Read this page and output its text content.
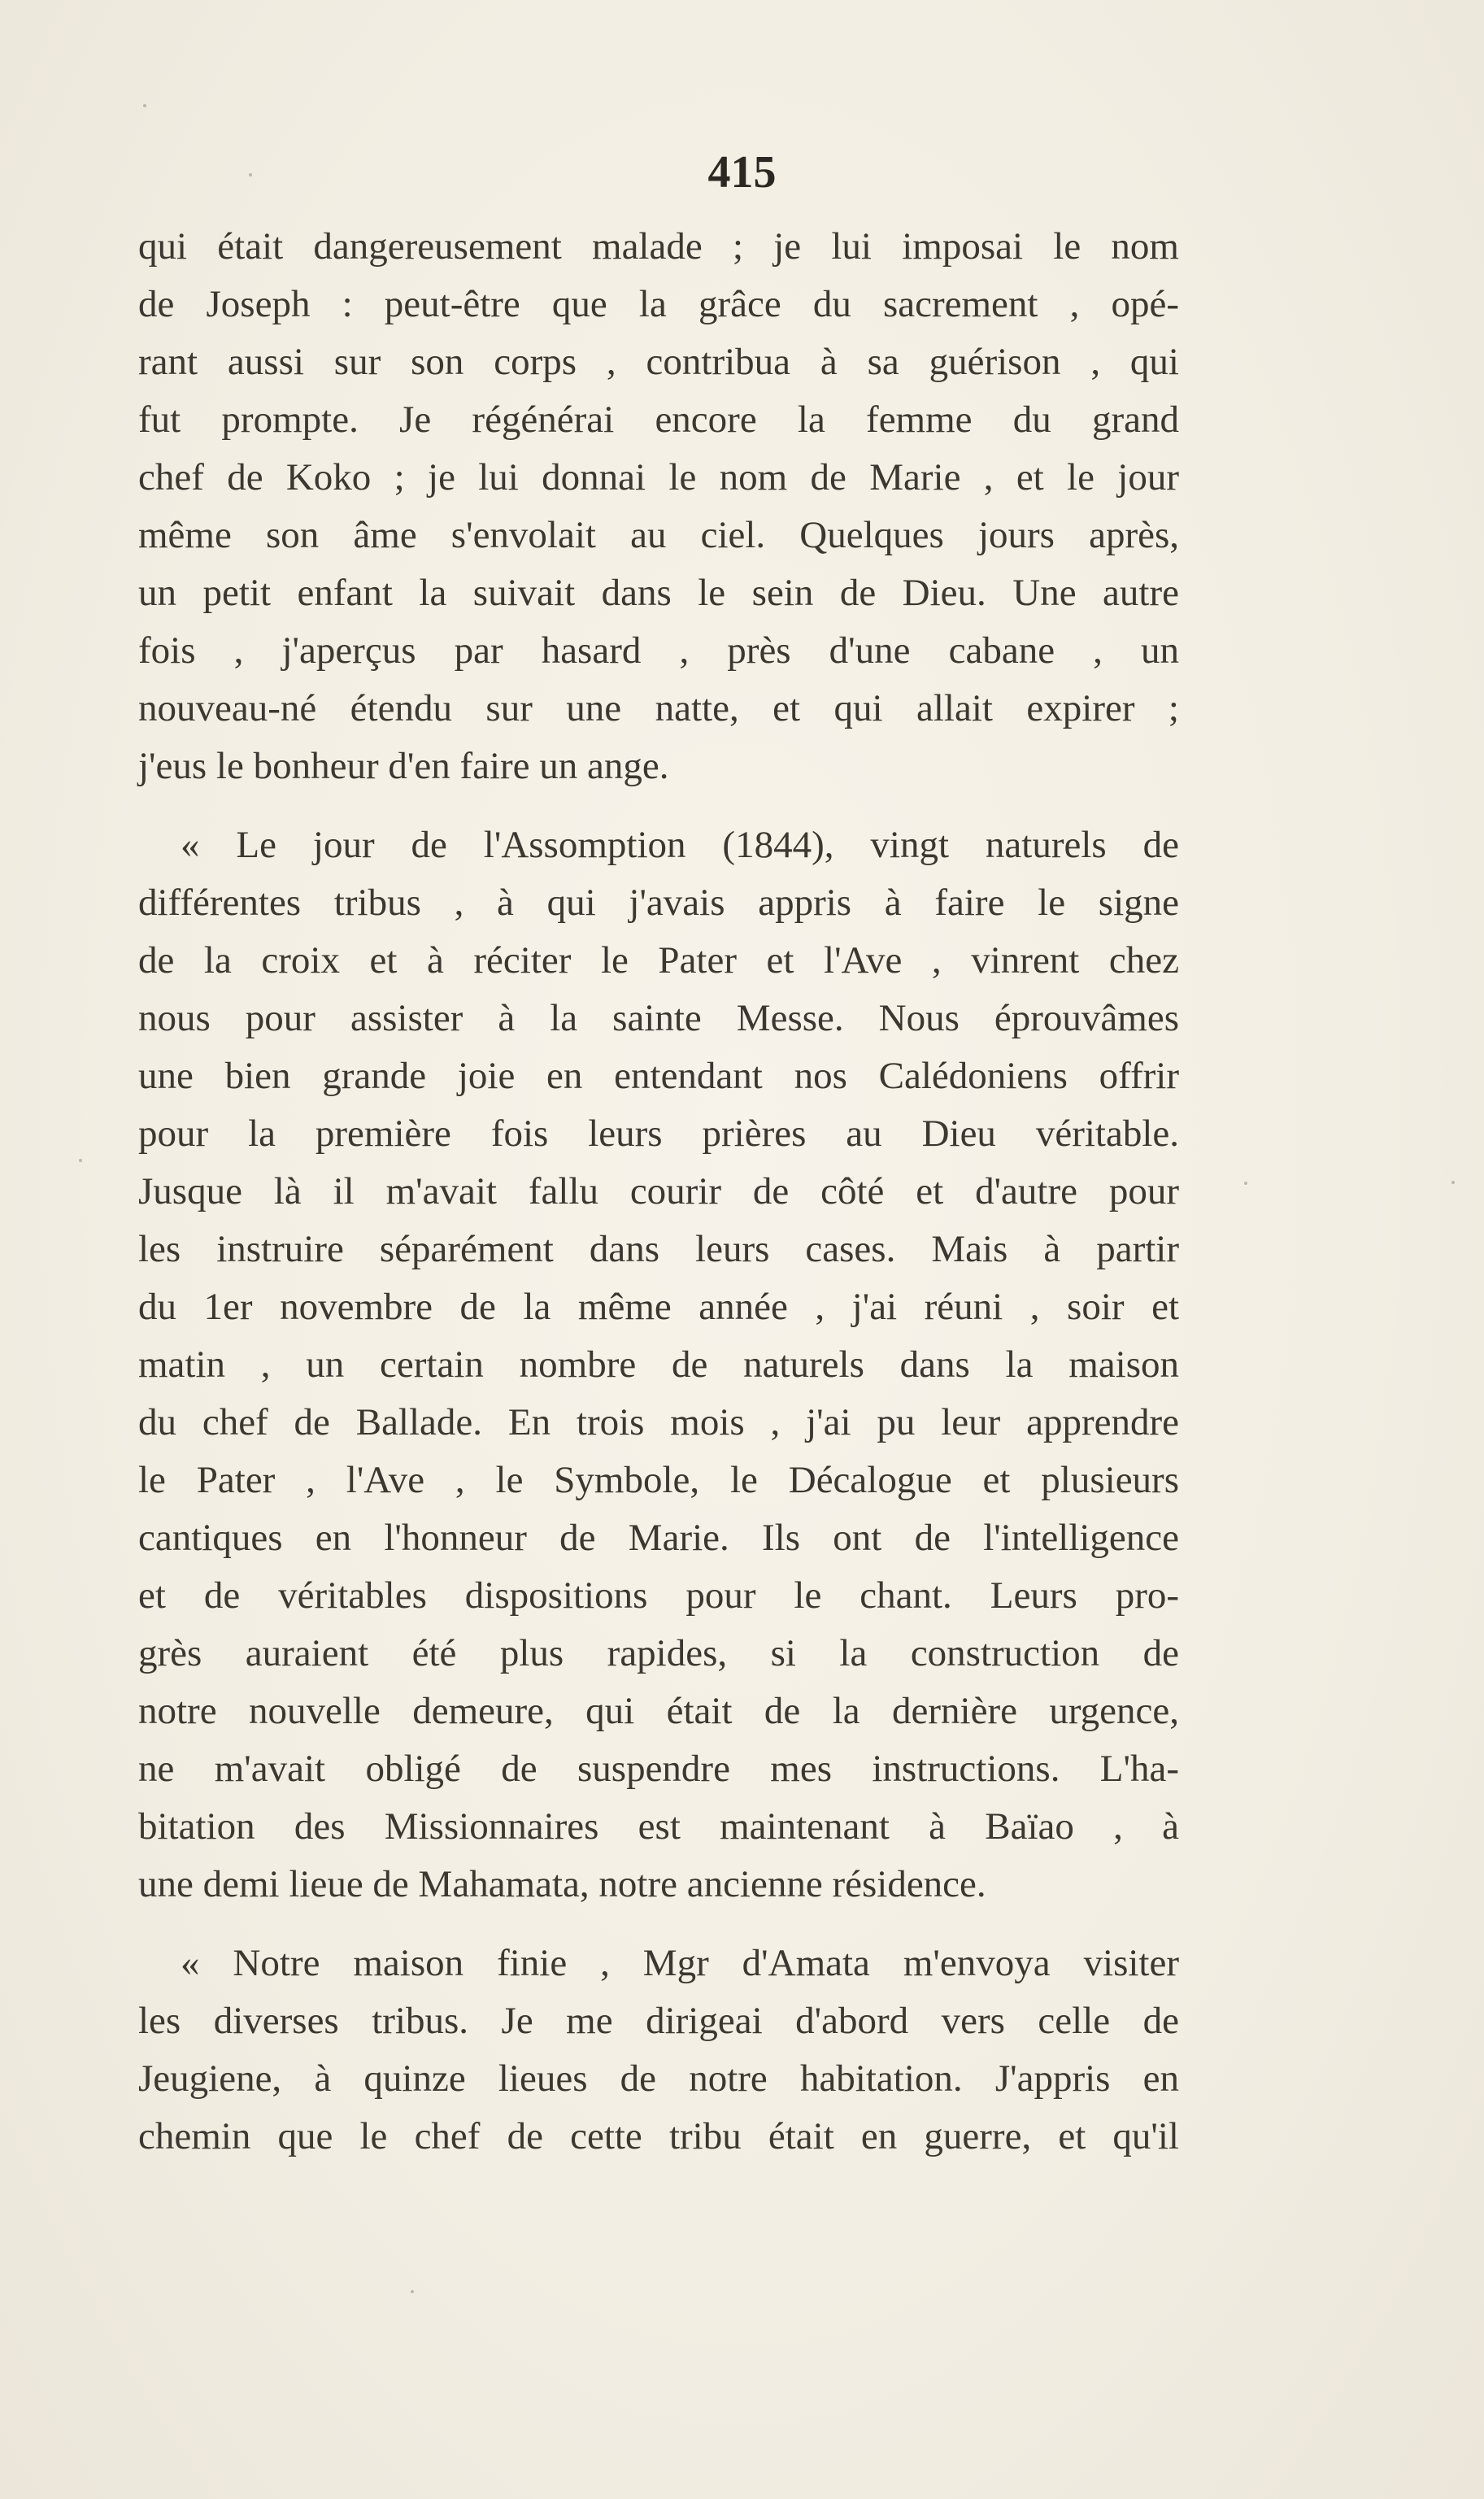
415
qui était dangereusement malade ; je lui imposai le nom
de Joseph : peut-être que la grâce du sacrement , opé-
rant aussi sur son corps , contribua à sa guérison , qui
fut prompte. Je régénérai encore la femme du grand
chef de Koko ; je lui donnai le nom de Marie , et le jour
même son âme s'envolait au ciel. Quelques jours après,
un petit enfant la suivait dans le sein de Dieu. Une autre
fois , j'aperçus par hasard , près d'une cabane , un
nouveau-né étendu sur une natte, et qui allait expirer ;
j'eus le bonheur d'en faire un ange.
« Le jour de l'Assomption (1844), vingt naturels de
différentes tribus , à qui j'avais appris à faire le signe
de la croix et à réciter le Pater et l'Ave , vinrent chez
nous pour assister à la sainte Messe. Nous éprouvâmes
une bien grande joie en entendant nos Calédoniens offrir
pour la première fois leurs prières au Dieu véritable.
Jusque là il m'avait fallu courir de côté et d'autre pour
les instruire séparément dans leurs cases. Mais à partir
du 1er novembre de la même année , j'ai réuni , soir et
matin , un certain nombre de naturels dans la maison
du chef de Ballade. En trois mois , j'ai pu leur apprendre
le Pater , l'Ave , le Symbole, le Décalogue et plusieurs
cantiques en l'honneur de Marie. Ils ont de l'intelligence
et de véritables dispositions pour le chant. Leurs pro-
grès auraient été plus rapides, si la construction de
notre nouvelle demeure, qui était de la dernière urgence,
ne m'avait obligé de suspendre mes instructions. L'ha-
bitation des Missionnaires est maintenant à Baïao , à
une demi lieue de Mahamata, notre ancienne résidence.
« Notre maison finie , Mgr d'Amata m'envoya visiter
les diverses tribus. Je me dirigeai d'abord vers celle de
Jeugiene, à quinze lieues de notre habitation. J'appris en
chemin que le chef de cette tribu était en guerre, et qu'il
